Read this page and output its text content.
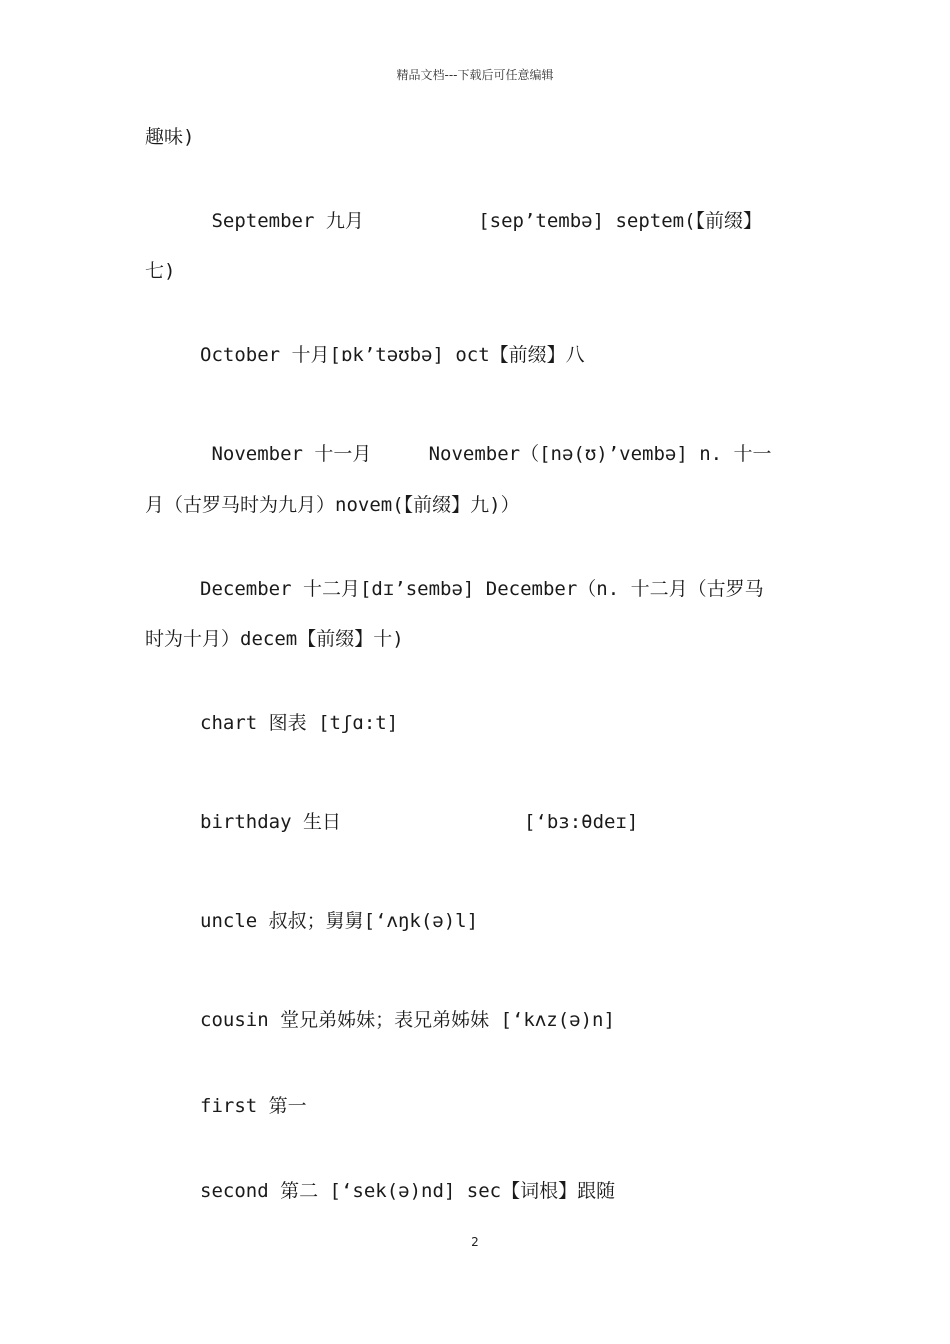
精品文档---下载后可任意编辑
趣味)
September 九月          [sep’tembə] septem(【前缀】
七)
October 十月[ɒk’təʊbə] oct【前缀】八
November 十一月     November（[nə(ʊ)’vembə] n. 十一
月（古罗马时为九月）novem(【前缀】九)）
December 十二月[dɪ’sembə] December（n. 十二月（古罗马
时为十月）decem【前缀】十)
chart 图表 [tʃɑ:t]
birthday 生日                [‘bɜ:θdeɪ]
uncle 叔叔；舅舅[‘ʌŋk(ə)l]
cousin 堂兄弟姊妹；表兄弟姊妹 [‘kʌz(ə)n]
first 第一
second 第二 [‘sek(ə)nd] sec【词根】跟随
2
